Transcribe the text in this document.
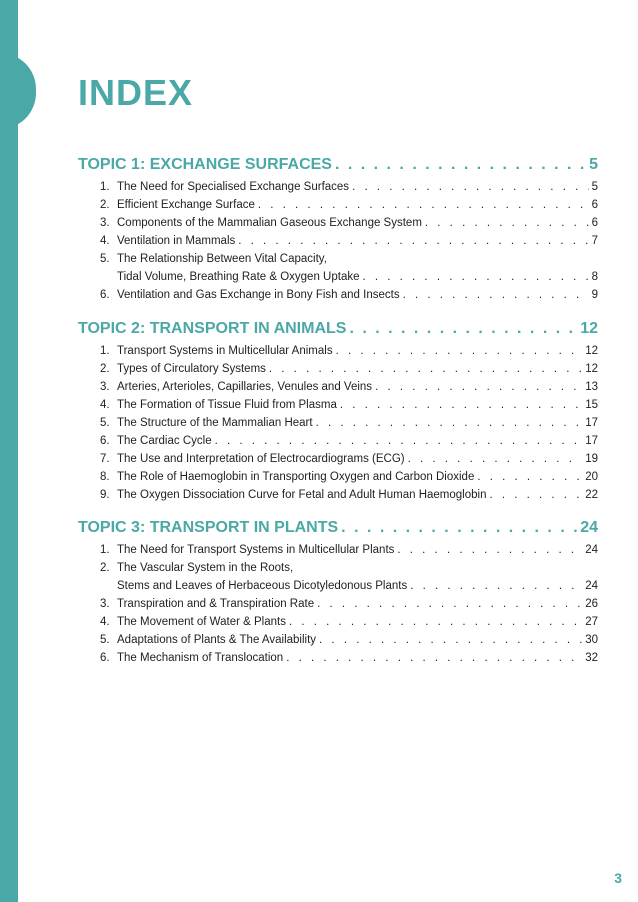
INDEX
TOPIC 1: EXCHANGE SURFACES . . .	5
1. The Need for Specialised Exchange Surfaces . . .	5
2. Efficient Exchange Surface . . .	6
3. Components of the Mammalian Gaseous Exchange System . . .	6
4. Ventilation in Mammals . . .	7
5. The Relationship Between Vital Capacity,
Tidal Volume, Breathing Rate & Oxygen Uptake . . .	8
6. Ventilation and Gas Exchange in Bony Fish and Insects . . .	9
TOPIC 2: TRANSPORT IN ANIMALS . . .	12
1. Transport Systems in Multicellular Animals . . .	12
2. Types of Circulatory Systems . . .	12
3. Arteries, Arterioles, Capillaries, Venules and Veins . . .	13
4. The Formation of Tissue Fluid from Plasma . . .	15
5. The Structure of the Mammalian Heart . . .	17
6. The Cardiac Cycle . . .	17
7. The Use and Interpretation of Electrocardiograms (ECG) . . .	19
8. The Role of Haemoglobin in Transporting Oxygen and Carbon Dioxide . . .	20
9. The Oxygen Dissociation Curve for Fetal and Adult Human Haemoglobin . . .	22
TOPIC 3: TRANSPORT IN PLANTS . . .	24
1. The Need for Transport Systems in Multicellular Plants . . .	24
2. The Vascular System in the Roots,
Stems and Leaves of Herbaceous Dicotyledonous Plants . . .	24
3. Transpiration and & Transpiration Rate . . .	26
4. The Movement of Water & Plants . . .	27
5. Adaptations of Plants & The Availability . . .	30
6. The Mechanism of Translocation . . .	32
3
